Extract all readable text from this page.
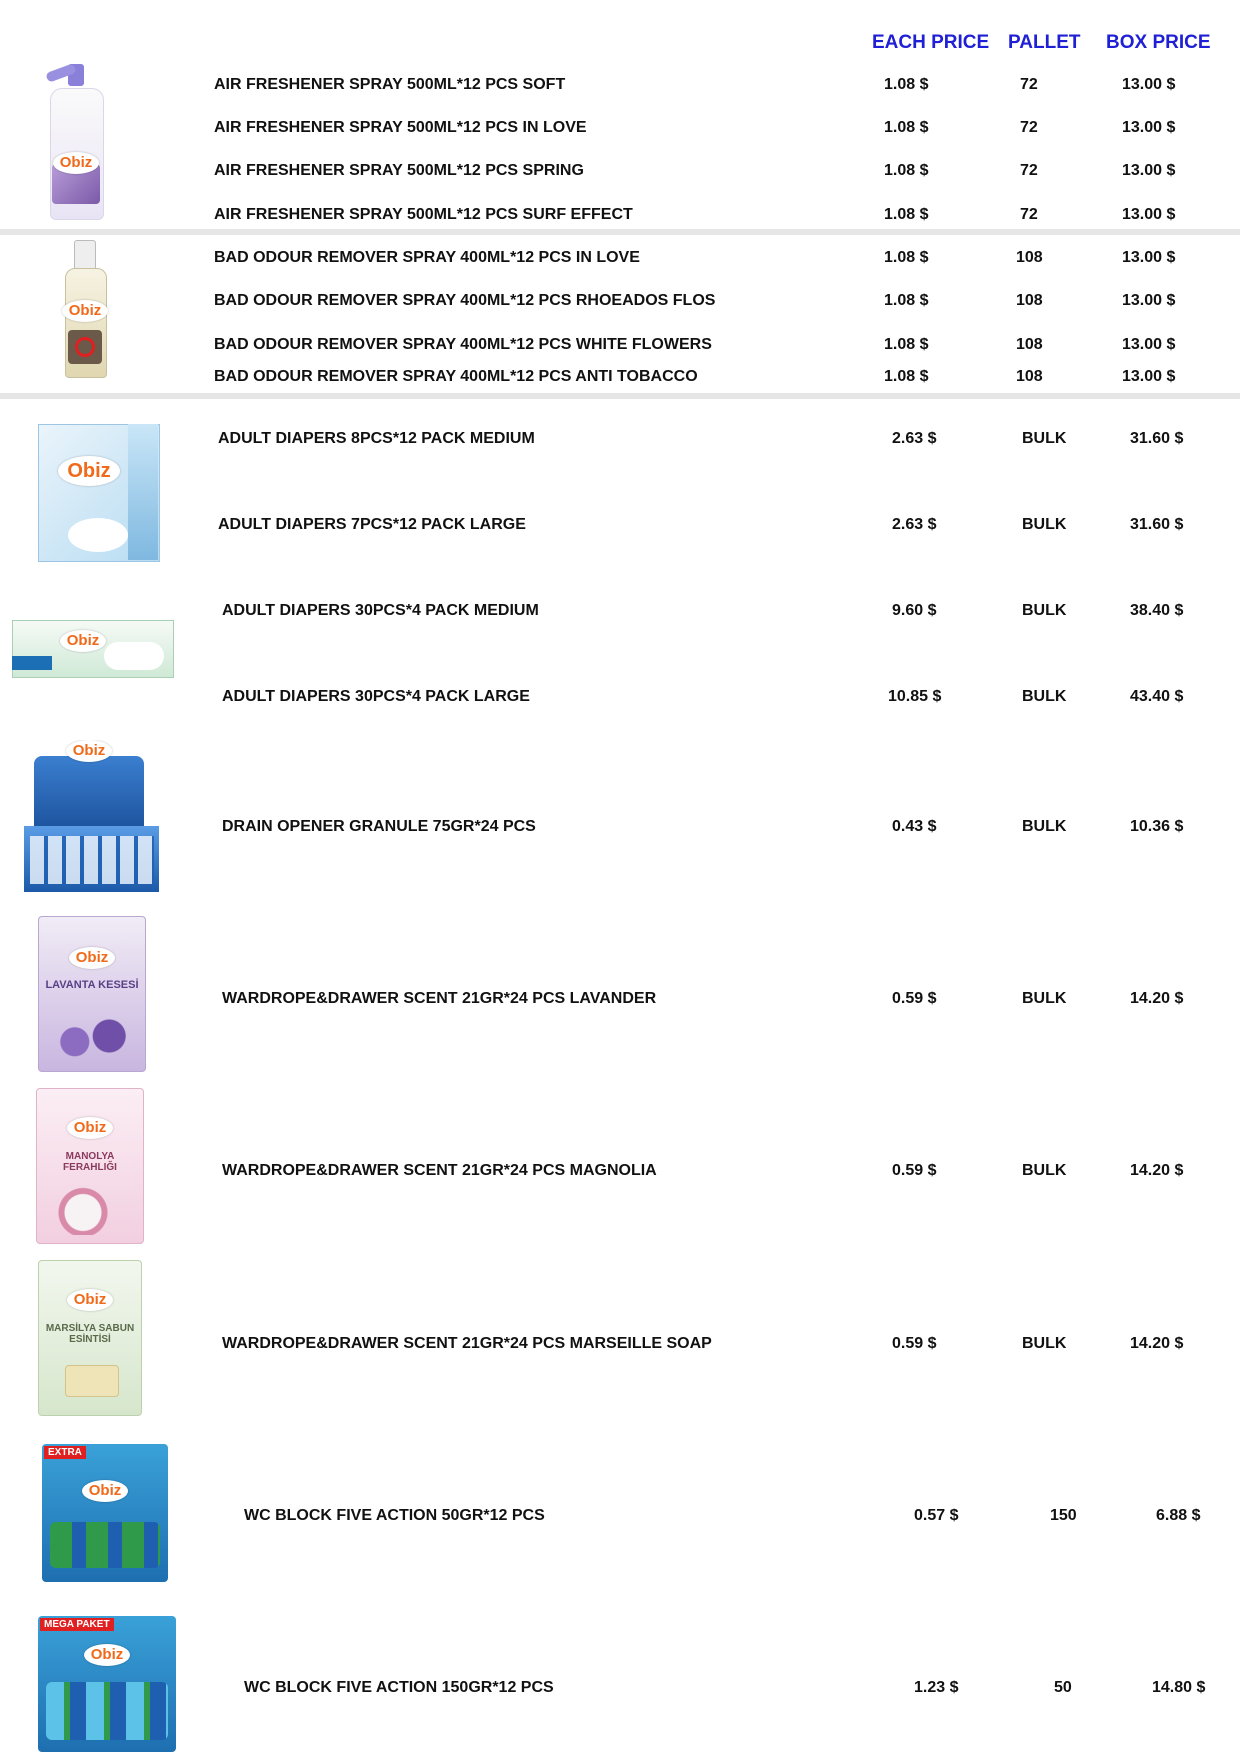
EACH PRICE PALLET BOX PRICE
Obiz
Obiz
Obiz
Obiz
Obiz
Obiz
LAVANTA KESESİ
Obiz
MANOLYA FERAHLIĞI
Obiz
MARSİLYA SABUN ESİNTİSİ
EXTRA
Obiz
MEGA PAKET
Obiz
AIR FRESHENER SPRAY 500ML*12 PCS SOFT	1.08 $	72	13.00 $
AIR FRESHENER SPRAY 500ML*12 PCS IN LOVE	1.08 $	72	13.00 $
AIR FRESHENER SPRAY 500ML*12 PCS SPRING	1.08 $	72	13.00 $
AIR FRESHENER SPRAY 500ML*12 PCS SURF EFFECT	1.08 $	72	13.00 $
BAD ODOUR REMOVER SPRAY 400ML*12 PCS IN LOVE	1.08 $	108	13.00 $
BAD ODOUR REMOVER SPRAY 400ML*12 PCS RHOEADOS FLOS	1.08 $	108	13.00 $
BAD ODOUR REMOVER SPRAY 400ML*12 PCS WHITE FLOWERS	1.08 $	108	13.00 $
BAD ODOUR REMOVER SPRAY 400ML*12 PCS ANTI TOBACCO	1.08 $	108	13.00 $
ADULT DIAPERS 8PCS*12 PACK MEDIUM	2.63 $	BULK	31.60 $
ADULT DIAPERS 7PCS*12 PACK LARGE	2.63 $	BULK	31.60 $
ADULT DIAPERS 30PCS*4 PACK MEDIUM	9.60 $	BULK	38.40 $
ADULT DIAPERS 30PCS*4 PACK LARGE	10.85 $	BULK	43.40 $
DRAIN OPENER GRANULE 75GR*24 PCS	0.43 $	BULK	10.36 $
WARDROPE&DRAWER SCENT 21GR*24 PCS LAVANDER	0.59 $	BULK	14.20 $
WARDROPE&DRAWER SCENT 21GR*24 PCS MAGNOLIA	0.59 $	BULK	14.20 $
WARDROPE&DRAWER SCENT 21GR*24 PCS MARSEILLE SOAP	0.59 $	BULK	14.20 $
WC BLOCK FIVE ACTION 50GR*12 PCS	0.57 $	150	6.88 $
WC BLOCK FIVE ACTION 150GR*12 PCS	1.23 $	50	14.80 $
